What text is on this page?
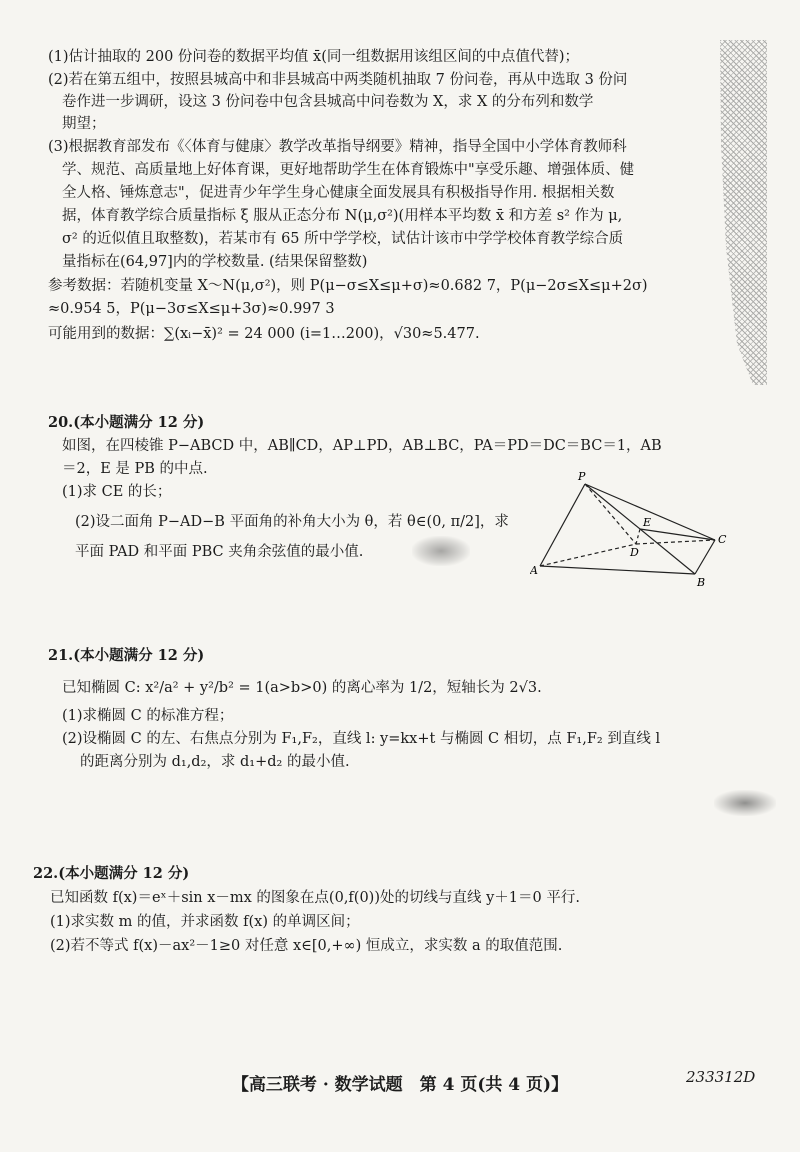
(1)估计抽取的 200 份问卷的数据平均值 x̄(同一组数据用该组区间的中点值代替)；
(2)若在第五组中，按照县城高中和非县城高中两类随机抽取 7 份问卷，再从中选取 3 份问
卷作进一步调研，设这 3 份问卷中包含县城高中问卷数为 X，求 X 的分布列和数学
期望；
(3)根据教育部发布《〈体育与健康〉教学改革指导纲要》精神，指导全国中小学体育教师科
学、规范、高质量地上好体育课，更好地帮助学生在体育锻炼中"享受乐趣、增强体质、健
全人格、锤炼意志"，促进青少年学生身心健康全面发展具有积极指导作用. 根据相关数
据，体育教学综合质量指标 ξ 服从正态分布 N(μ,σ²)(用样本平均数 x̄ 和方差 s² 作为 μ,
σ² 的近似值且取整数)，若某市有 65 所中学学校，试估计该市中学学校体育教学综合质
量指标在(64,97]内的学校数量. (结果保留整数)
参考数据：若随机变量 X～N(μ,σ²)，则 P(μ−σ≤X≤μ+σ)≈0.682 7，P(μ−2σ≤X≤μ+2σ)
≈0.954 5，P(μ−3σ≤X≤μ+3σ)≈0.997 3
可能用到的数据：∑(xᵢ−x̄)² = 24 000 (i=1…200)，√30≈5.477.
20.(本小题满分 12 分)
如图，在四棱锥 P−ABCD 中，AB∥CD，AP⊥PD，AB⊥BC，PA＝PD＝DC＝BC＝1，AB
＝2，E 是 PB 的中点.
(1)求 CE 的长；
(2)设二面角 P−AD−B 平面角的补角大小为 θ，若 θ∈(0, π/2]，求
平面 PAD 和平面 PBC 夹角余弦值的最小值.
P
E
D
C
A
B
21.(本小题满分 12 分)
已知椭圆 C: x²/a² + y²/b² = 1(a>b>0) 的离心率为 1/2，短轴长为 2√3.
(1)求椭圆 C 的标准方程；
(2)设椭圆 C 的左、右焦点分别为 F₁,F₂，直线 l: y=kx+t 与椭圆 C 相切，点 F₁,F₂ 到直线 l
的距离分别为 d₁,d₂，求 d₁+d₂ 的最小值.
22.(本小题满分 12 分)
已知函数 f(x)＝eˣ＋sin x－mx 的图象在点(0,f(0))处的切线与直线 y＋1＝0 平行.
(1)求实数 m 的值，并求函数 f(x) 的单调区间；
(2)若不等式 f(x)－ax²－1≥0 对任意 x∈[0,+∞) 恒成立，求实数 a 的取值范围.
【高三联考 · 数学试题　第 4 页(共 4 页)】	233312D
